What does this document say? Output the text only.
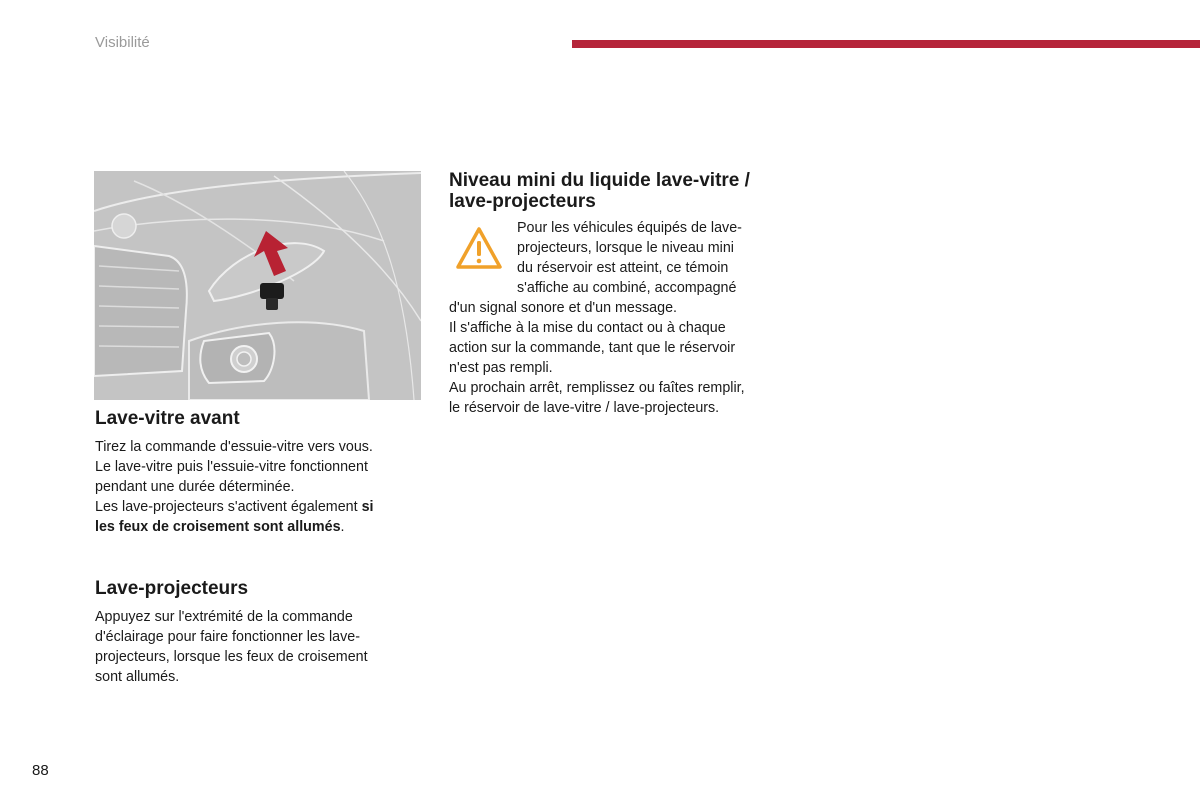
Visibilité
Lave-vitre avant

Tirez la commande d'essuie-vitre vers vous.

Le lave-vitre puis l'essuie-vitre fonctionnent

pendant une durée déterminée.

Les lave-projecteurs s'activent également si

les feux de croisement sont allumés.

Lave-projecteurs

Appuyez sur l'extrémité de la commande

d'éclairage pour faire fonctionner les lave-

projecteurs, lorsque les feux de croisement

sont allumés.

Niveau mini du liquide lave-vitre /
lave-projecteurs

Pour les véhicules équipés de lave-

projecteurs, lorsque le niveau mini

du réservoir est atteint, ce témoin

s'affiche au combiné, accompagné

d'un signal sonore et d'un message.

Il s'affiche à la mise du contact ou à chaque

action sur la commande, tant que le réservoir

n'est pas rempli.

Au prochain arrêt, remplissez ou faîtes remplir,

le réservoir de lave-vitre / lave-projecteurs.

88
